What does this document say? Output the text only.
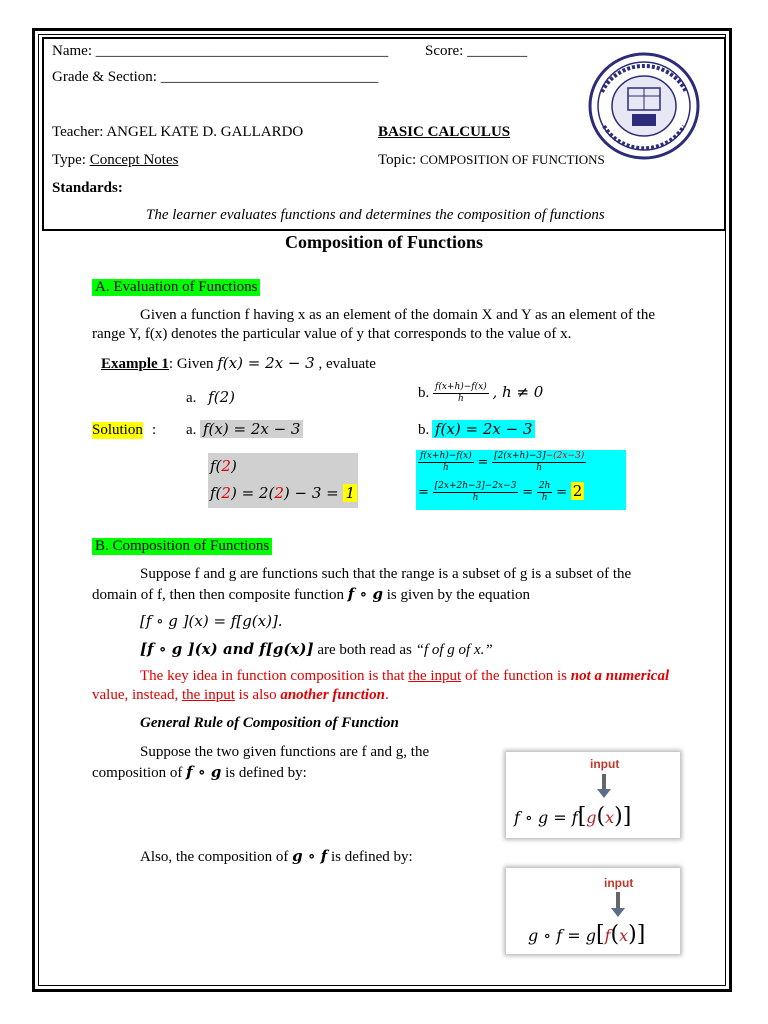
Name: _______________________________________ Score: ________
Grade & Section: _____________________________
Teacher: ANGEL KATE D. GALLARDO	BASIC CALCULUS
Type: Concept Notes	Topic: COMPOSITION OF FUNCTIONS
Standards:
The learner evaluates functions and determines the composition of functions
Composition of Functions
A. Evaluation of Functions
Given a function f having x as an element of the domain X and Y as an element of the
range Y, f(x) denotes the particular value of y that corresponds to the value of x.
Example 1: Given f(x) = 2x − 3 , evaluate
a. f(2)	b. $\frac{f(x+h)-f(x)}{h}$ , h ≠ 0
Solution : a. f(x) = 2x − 3
f(2)
f(2) = 2(2) − 3 = 1
b. f(x) = 2x − 3
$\frac{f(x+h)-f(x)}{h} = \frac{[2(x+h)-3]-(2x-3)}{h}$
= $\frac{[2x+2h-3]-2x-3}{h} = \frac{2h}{h} = 2$
B. Composition of Functions
Suppose f and g are functions such that the range is a subset of g is a subset of the
domain of f, then then composite function f ∘ g is given by the equation
[f ∘ g ](x) = f[g(x)].
[f ∘ g ](x) and f[g(x)] are both read as “f of g of x.”
The key idea in function composition is that the input of the function is not a numerical
value, instead, the input is also another function.
General Rule of Composition of Function
Suppose the two given functions are f and g, the
composition of f ∘ g is defined by:
Also, the composition of g ∘ f is defined by:
input
f ∘ g = f[g(x)]
input
g ∘ f = g[f(x)]
